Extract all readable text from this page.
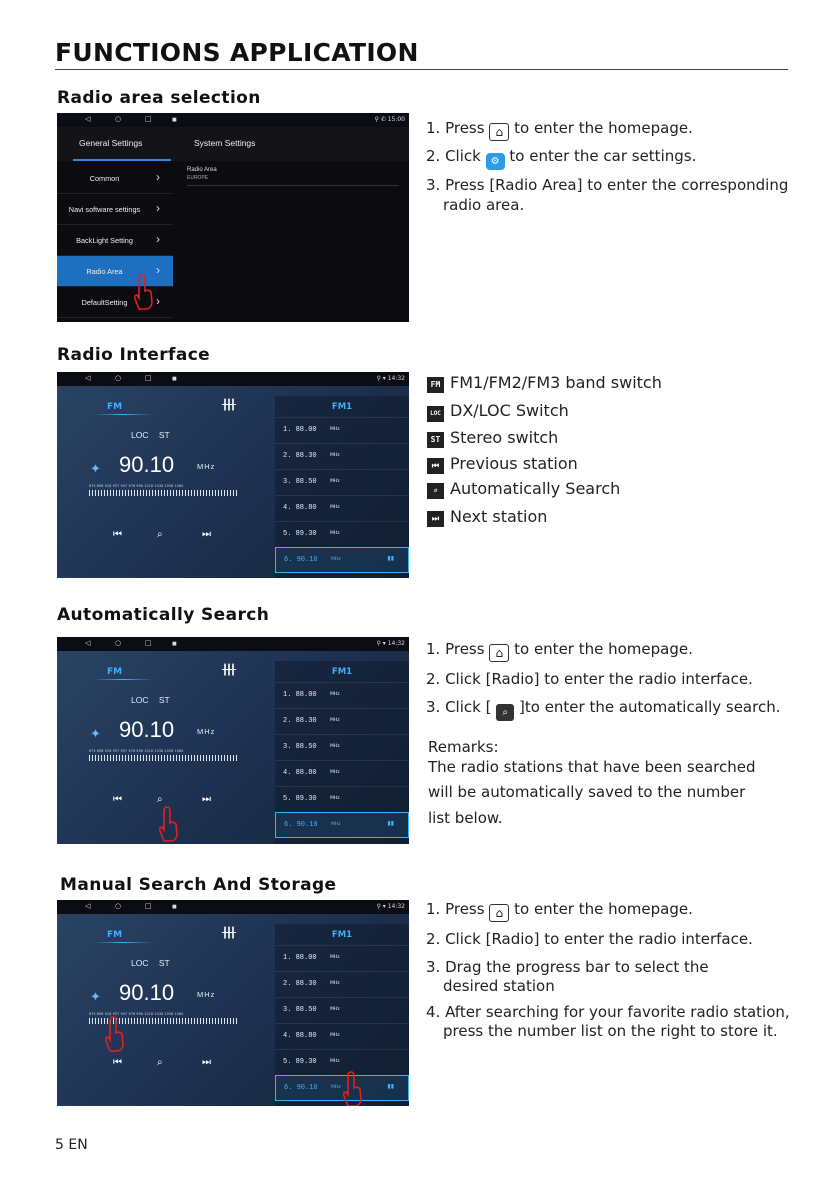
FUNCTIONS APPLICATION
Radio area selection
◁	○	□	■	⚲ ✆ 15:00
General Settings	System Settings
Common	›
Navi software settings	›
BackLight Setting	›
Radio Area	›
DefaultSetting	›
Radio Area
EUROPE
1. Press ⌂ to enter the homepage.
2. Click ⚙ to enter the car settings.
3. Press [Radio Area] to enter the corresponding
radio area.
Radio Interface
◁	○	□	■	⚲ ▾ 14:32
FM	╂╂╂
LOC ST
✦ 90.10	MHz
875 898 918 937 957 978 998 1018 1038 1058 1080
⏮	⌕	⏭
FM1
1. 88.00	MHz
2. 88.30	MHz
3. 88.50	MHz
4. 88.80	MHz
5. 89.30	MHz
6. 90.10	MHz	▮▮
FM FM1/FM2/FM3 band switch
LOC DX/LOC Switch
ST Stereo switch
⏮ Previous station
⌕ Automatically Search
⏭ Next station
Automatically Search
◁	○	□	■	⚲ ▾ 14:32
FM	╂╂╂
LOC ST
✦ 90.10	MHz
875 898 918 937 957 978 998 1018 1038 1058 1080
⏮	⌕	⏭
FM1
1. 88.00	MHz
2. 88.30	MHz
3. 88.50	MHz
4. 88.80	MHz
5. 89.30	MHz
6. 90.10	MHz	▮▮
1. Press ⌂ to enter the homepage.
2. Click [Radio] to enter the radio interface.
3. Click [ ⌕ ]to enter the automatically search.
Remarks:
The radio stations that have been searched
will be automatically saved to the number
list below.
Manual Search And Storage
◁	○	□	■	⚲ ▾ 14:32
FM	╂╂╂
LOC ST
✦ 90.10	MHz
875 898 918 937 957 978 998 1018 1038 1058 1080
⏮	⌕	⏭
FM1
1. 88.00	MHz
2. 88.30	MHz
3. 88.50	MHz
4. 88.80	MHz
5. 89.30	MHz
6. 90.10	MHz	▮▮
1. Press ⌂ to enter the homepage.
2. Click [Radio] to enter the radio interface.
3. Drag the progress bar to select the
desired station
4. After searching for your favorite radio station,
press the number list on the right to store it.
5 EN
